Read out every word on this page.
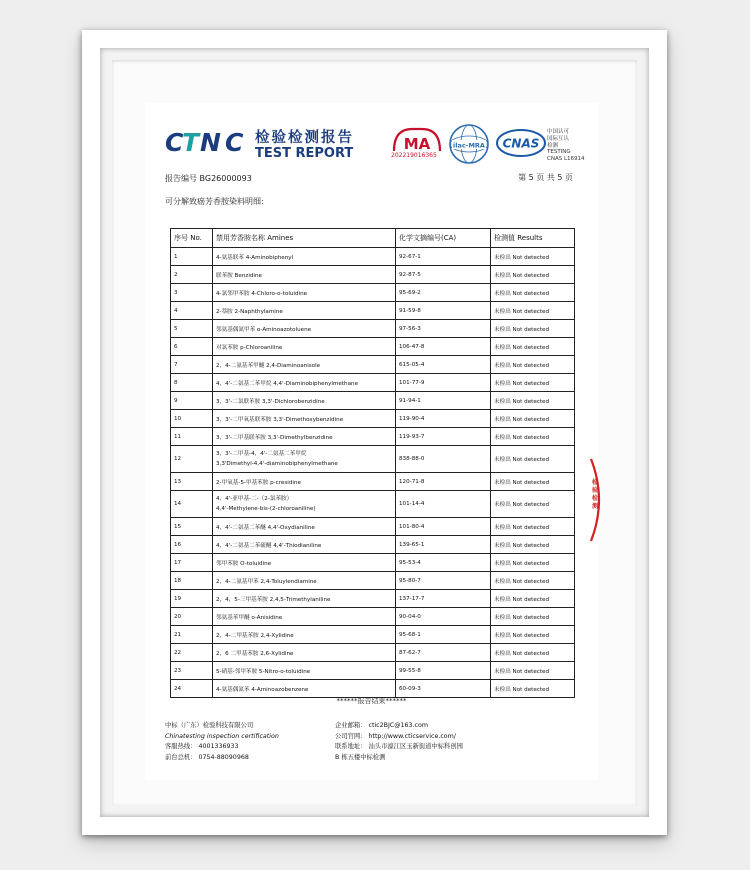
C T N C 检验检测报告
TEST REPORT
MA
202219016365
ilac-MRA CNAS
中国认可
国际互认
检测
TESTING
CNAS L16914
报告编号 BG26000093	第 5 页 共 5 页
可分解致癌芳香胺染料明细:
序号 No.	禁用芳香胺名称 Amines	化学文摘编号(CA)	检测值 Results
1	4-氨基联苯 4-Aminobiphenyl	92-67-1	未检出 Not detected
2	联苯胺 Benzidine	92-87-5	未检出 Not detected
3	4-氯邻甲苯胺 4-Chloro-o-toluidine	95-69-2	未检出 Not detected
4	2-萘胺 2-Naphthylamine	91-59-8	未检出 Not detected
5	邻氨基偶氮甲苯 o-Aminoazotoluene	97-56-3	未检出 Not detected
6	对氯苯胺 p-Chloroaniline	106-47-8	未检出 Not detected
7	2，4-二氨基苯甲醚 2,4-Diaminoanisole	615-05-4	未检出 Not detected
8	4，4'-二氨基二苯甲烷 4,4'-Diaminobiphenylmethane	101-77-9	未检出 Not detected
9	3，3'-二氯联苯胺 3,3'-Dichlorobenzidine	91-94-1	未检出 Not detected
10	3，3'-二甲氧基联苯胺 3,3'-Dimethoxybenzidine	119-90-4	未检出 Not detected
11	3，3'-二甲基联苯胺 3,3'-Dimethylbenzidine	119-93-7	未检出 Not detected
12	3，3'-二甲基-4，4'-二氨基二苯甲烷
3,3'Dimethyl-4,4'-diaminobiphenylmethane	838-88-0	未检出 Not detected
13	2-甲氧基-5-甲基苯胺 p-cresidine	120-71-8	未检出 Not detected
14	4，4'-亚甲基-二-（2-氯苯胺）
4,4'-Methylene-bis-(2-chloroaniline)	101-14-4	未检出 Not detected
15	4，4'-二氨基二苯醚 4,4'-Oxydianiline	101-80-4	未检出 Not detected
16	4，4'-二氨基二苯硫醚 4,4'-Thiodianiline	139-65-1	未检出 Not detected
17	邻甲苯胺 O-toluidine	95-53-4	未检出 Not detected
18	2，4-二氨基甲苯 2,4-Toluylendiamine	95-80-7	未检出 Not detected
19	2，4，5-三甲基苯胺 2,4,5-Trimethylaniline	137-17-7	未检出 Not detected
20	邻氨基苯甲醚 o-Anisidine	90-04-0	未检出 Not detected
21	2，4-二甲基苯胺 2,4-Xylidine	95-68-1	未检出 Not detected
22	2，6 二甲基苯胺 2,6-Xylidine	87-62-7	未检出 Not detected
23	5-硝基-邻甲苯胺 5-Nitro-o-toluidine	99-55-8	未检出 Not detected
24	4-氨基偶氮苯 4-Aminoazobenzene	60-09-3	未检出 Not detected
******报告结束******
中标（广东）检验科技有限公司
Chinatesting inspection certification
客服热线： 4001336933
前台总机： 0754-88090968
企业邮箱： ctic2BJC@163.com
公司官网： http://www.cticservice.com/
联系地址： 汕头市濠江区玉新街道中标科创园
B 栋五楼中标检测
检验检测
